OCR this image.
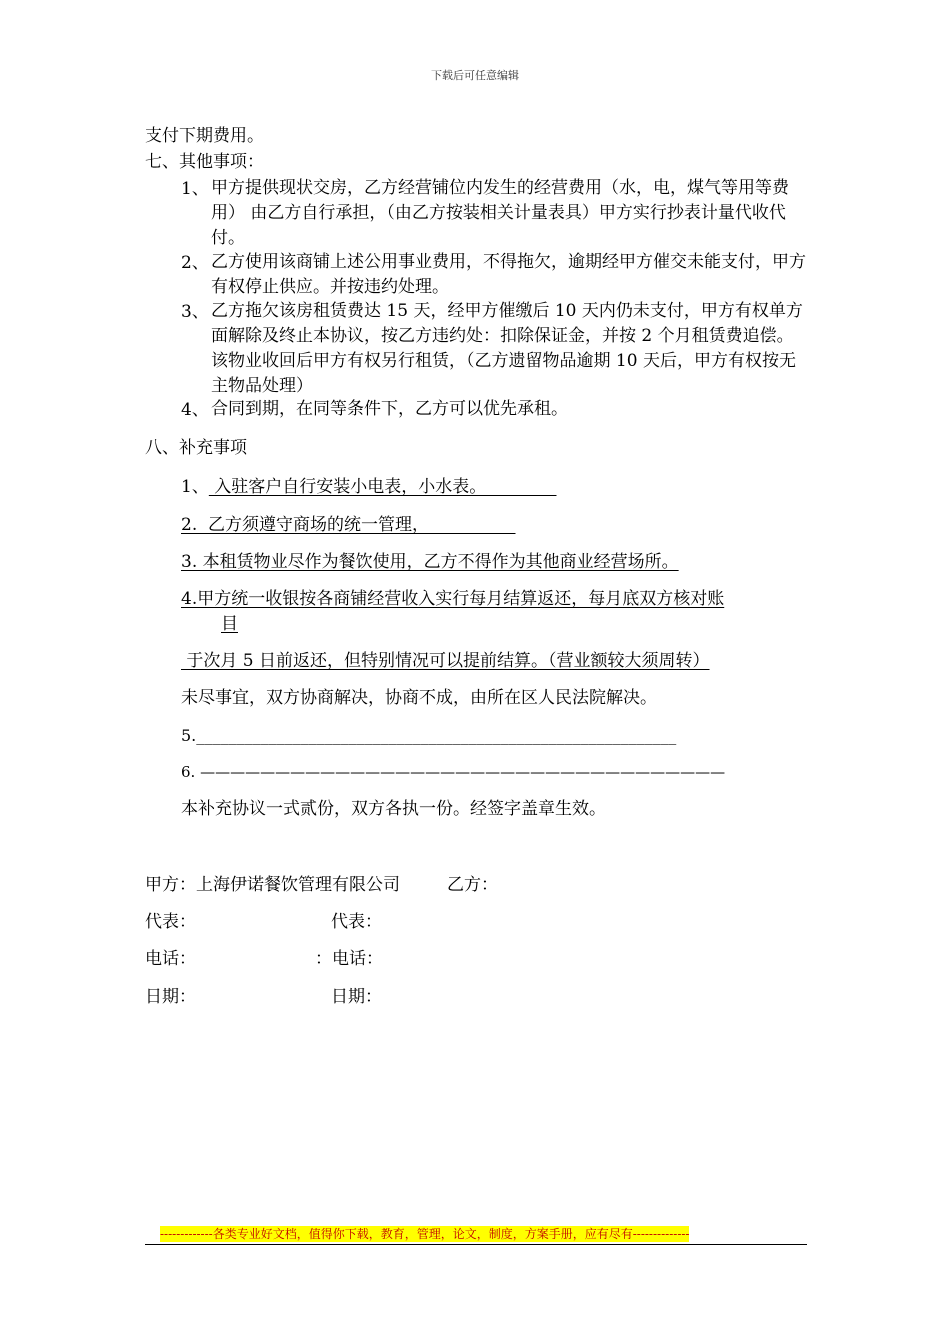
下载后可任意编辑
支付下期费用。
七、其他事项：
1、 甲方提供现状交房，乙方经营铺位内发生的经营费用（水，电，煤气等用等费用） 由乙方自行承担，（由乙方按装相关计量表具）甲方实行抄表计量代收代付。
2、 乙方使用该商铺上述公用事业费用，不得拖欠，逾期经甲方催交未能支付，甲方有权停止供应。并按违约处理。
3、 乙方拖欠该房租赁费达 15 天，经甲方催缴后 10 天内仍未支付，甲方有权单方面解除及终止本协议，按乙方违约处：扣除保证金，并按 2 个月租赁费追偿。该物业收回后甲方有权另行租赁，（乙方遗留物品逾期 10 天后，甲方有权按无主物品处理）
4、 合同到期，在同等条件下，乙方可以优先承租。
八、补充事项
1、 入驻客户自行安装小电表，小水表。
2.  乙方须遵守商场的统一管理，
3. 本租赁物业尽作为餐饮使用，乙方不得作为其他商业经营场所。
4.甲方统一收银按各商铺经营收入实行每月结算返还，每月底双方核对账
目
于次月 5 日前返还，但特别情况可以提前结算。（营业额较大须周转）
未尽事宜，双方协商解决，协商不成，由所在区人民法院解决。
5.____________________________________________________________
6. ———————————————————————————————————
本补充协议一式贰份，双方各执一份。经签字盖章生效。
甲方：上海伊诺餐饮管理有限公司	乙方：
代表：	代表：
电话：	：电话：
日期：	日期：
-------------各类专业好文档，值得你下载，教育，管理，论文，制度，方案手册，应有尽有--------------
